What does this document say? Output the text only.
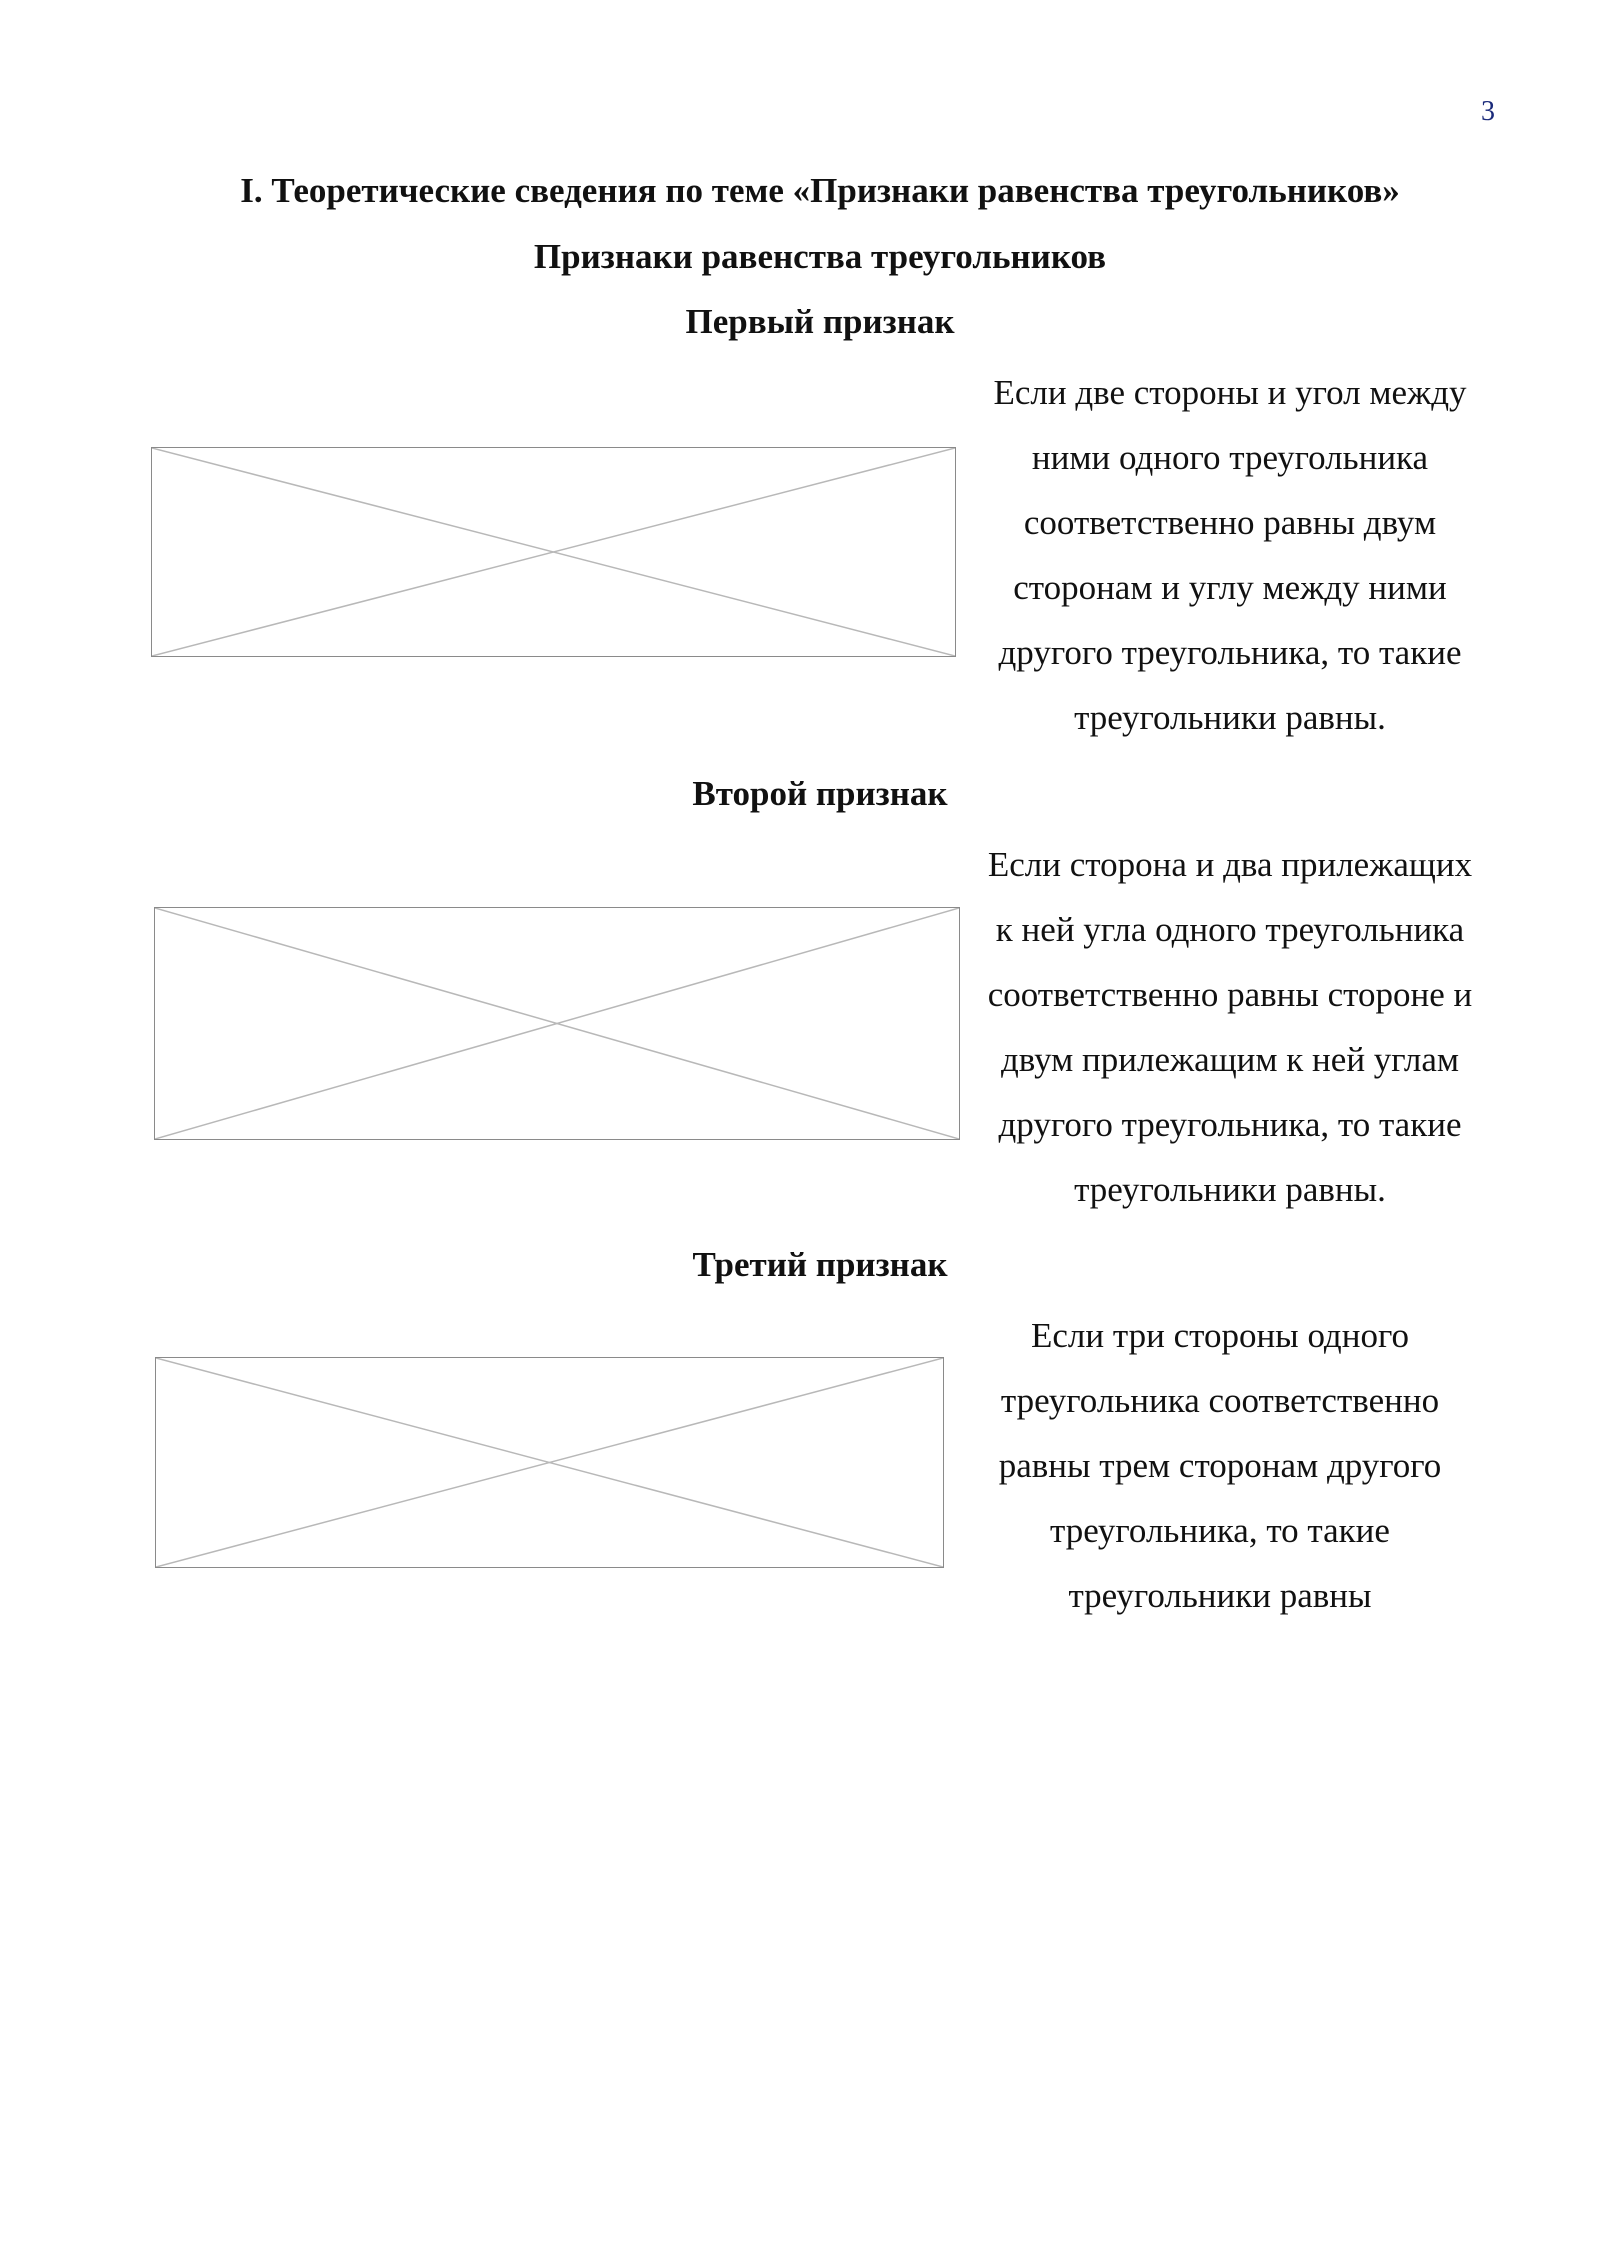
3
I. Теоретические сведения по теме «Признаки равенства треугольников»
Признаки равенства треугольников
Первый признак
Если две стороны и угол между
ними одного треугольника
соответственно равны двум
сторонам и углу между ними
другого треугольника, то такие
треугольники равны.
Второй признак
Если сторона и два прилежащих
к ней угла одного треугольника
соответственно равны стороне и
двум прилежащим к ней углам
другого треугольника, то такие
треугольники равны.
Третий признак
Если три стороны одного
треугольника соответственно
равны трем сторонам другого
треугольника, то такие
треугольники равны
